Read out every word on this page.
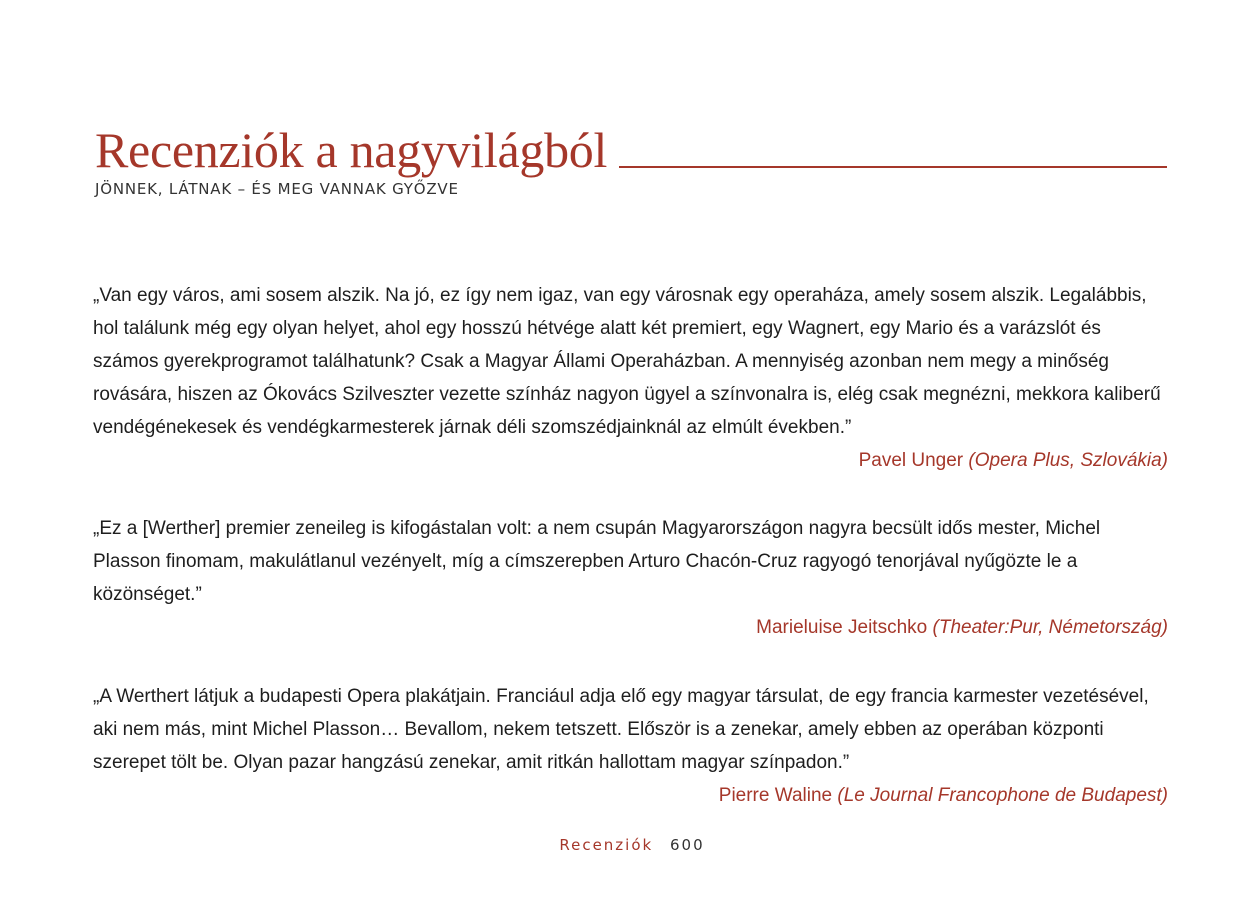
Recenziók a nagyvilágból
JÖNNEK, LÁTNAK – ÉS MEG VANNAK GYŐZVE

„Van egy város, ami sosem alszik. Na jó, ez így nem igaz, van egy városnak egy operaháza, amely sosem alszik. Legalábbis, hol találunk még egy olyan helyet, ahol egy hosszú hétvége alatt két premiert, egy Wagnert, egy Mario és a varázslót és számos gyerekprogramot találhatunk? Csak a Magyar Állami Operaházban. A mennyiség azonban nem megy a minőség rovására, hiszen az Ókovács Szilveszter vezette színház nagyon ügyel a színvonalra is, elég csak megnézni, mekkora kaliberű vendégénekesek és vendégkarmesterek járnak déli szomszédjainknál az elmúlt években.”

Pavel Unger (Opera Plus, Szlovákia)

„Ez a [Werther] premier zeneileg is kifogástalan volt: a nem csupán Magyarországon nagyra becsült idős mester, Michel Plasson finomam, makulátlanul vezényelt, míg a címszerepben Arturo Chacón-Cruz ragyogó tenorjával nyűgözte le a közönséget.”

Marieluise Jeitschko (Theater:Pur, Németország)

„A Werthert látjuk a budapesti Opera plakátjain. Franciául adja elő egy magyar társulat, de egy francia karmester vezetésével, aki nem más, mint Michel Plasson… Bevallom, nekem tetszett. Először is a zenekar, amely ebben az operában központi szerepet tölt be. Olyan pazar hangzású zenekar, amit ritkán hallottam magyar színpadon.”

Pierre Waline (Le Journal Francophone de Budapest)
Recenziók 600
